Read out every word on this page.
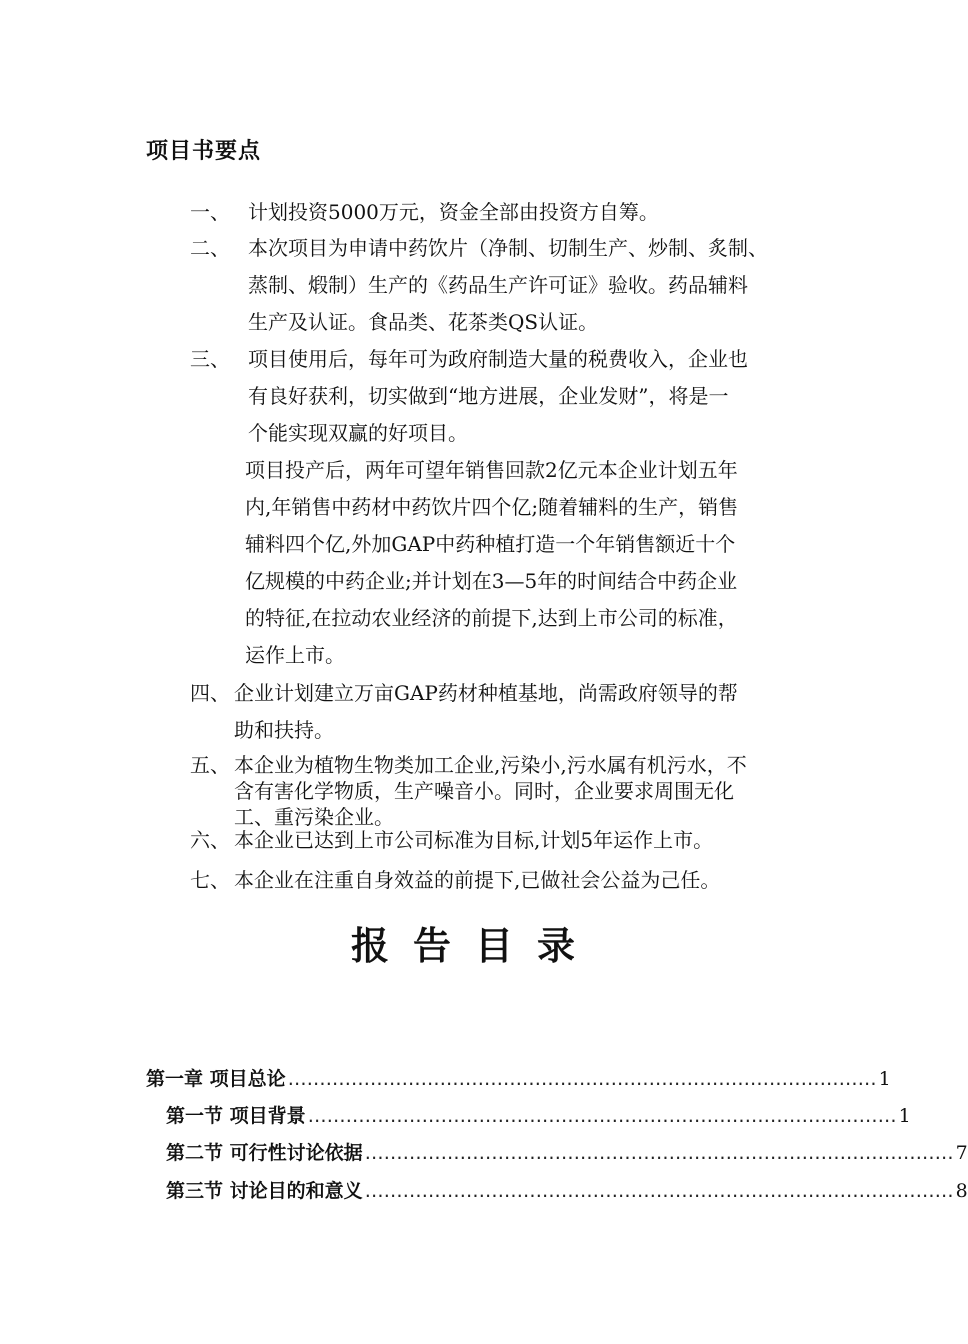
项目书要点
一、 计划投资5000万元，资金全部由投资方自筹。
二、 本次项目为申请中药饮片（净制、切制生产、炒制、炙制、
蒸制、煅制）生产的《药品生产许可证》验收。药品辅料
生产及认证。食品类、花茶类QS认证。
三、 项目使用后，每年可为政府制造大量的税费收入，企业也
有良好获利，切实做到“地方进展，企业发财”，将是一
个能实现双赢的好项目。
项目投产后，两年可望年销售回款2亿元本企业计划五年
内,年销售中药材中药饮片四个亿;随着辅料的生产，销售
辅料四个亿,外加GAP中药种植打造一个年销售额近十个
亿规模的中药企业;并计划在3—5年的时间结合中药企业
的特征,在拉动农业经济的前提下,达到上市公司的标准，
运作上市。
四、 企业计划建立万亩GAP药材种植基地，尚需政府领导的帮
助和扶持。
五、 本企业为植物生物类加工企业,污染小,污水属有机污水，不
含有害化学物质，生产噪音小。同时，企业要求周围无化
工、重污染企业。
六、 本企业已达到上市公司标准为目标,计划5年运作上市。
七、 本企业在注重自身效益的前提下,已做社会公益为己任。
报告目录
第一章 项目总论 ………………………………………………………………………………… 1
第一节 项目背景 ………………………………………………………………………………… 1
第二节 可行性讨论依据 ………………………………………………………………………………… 7
第三节 讨论目的和意义 ………………………………………………………………………………… 8
